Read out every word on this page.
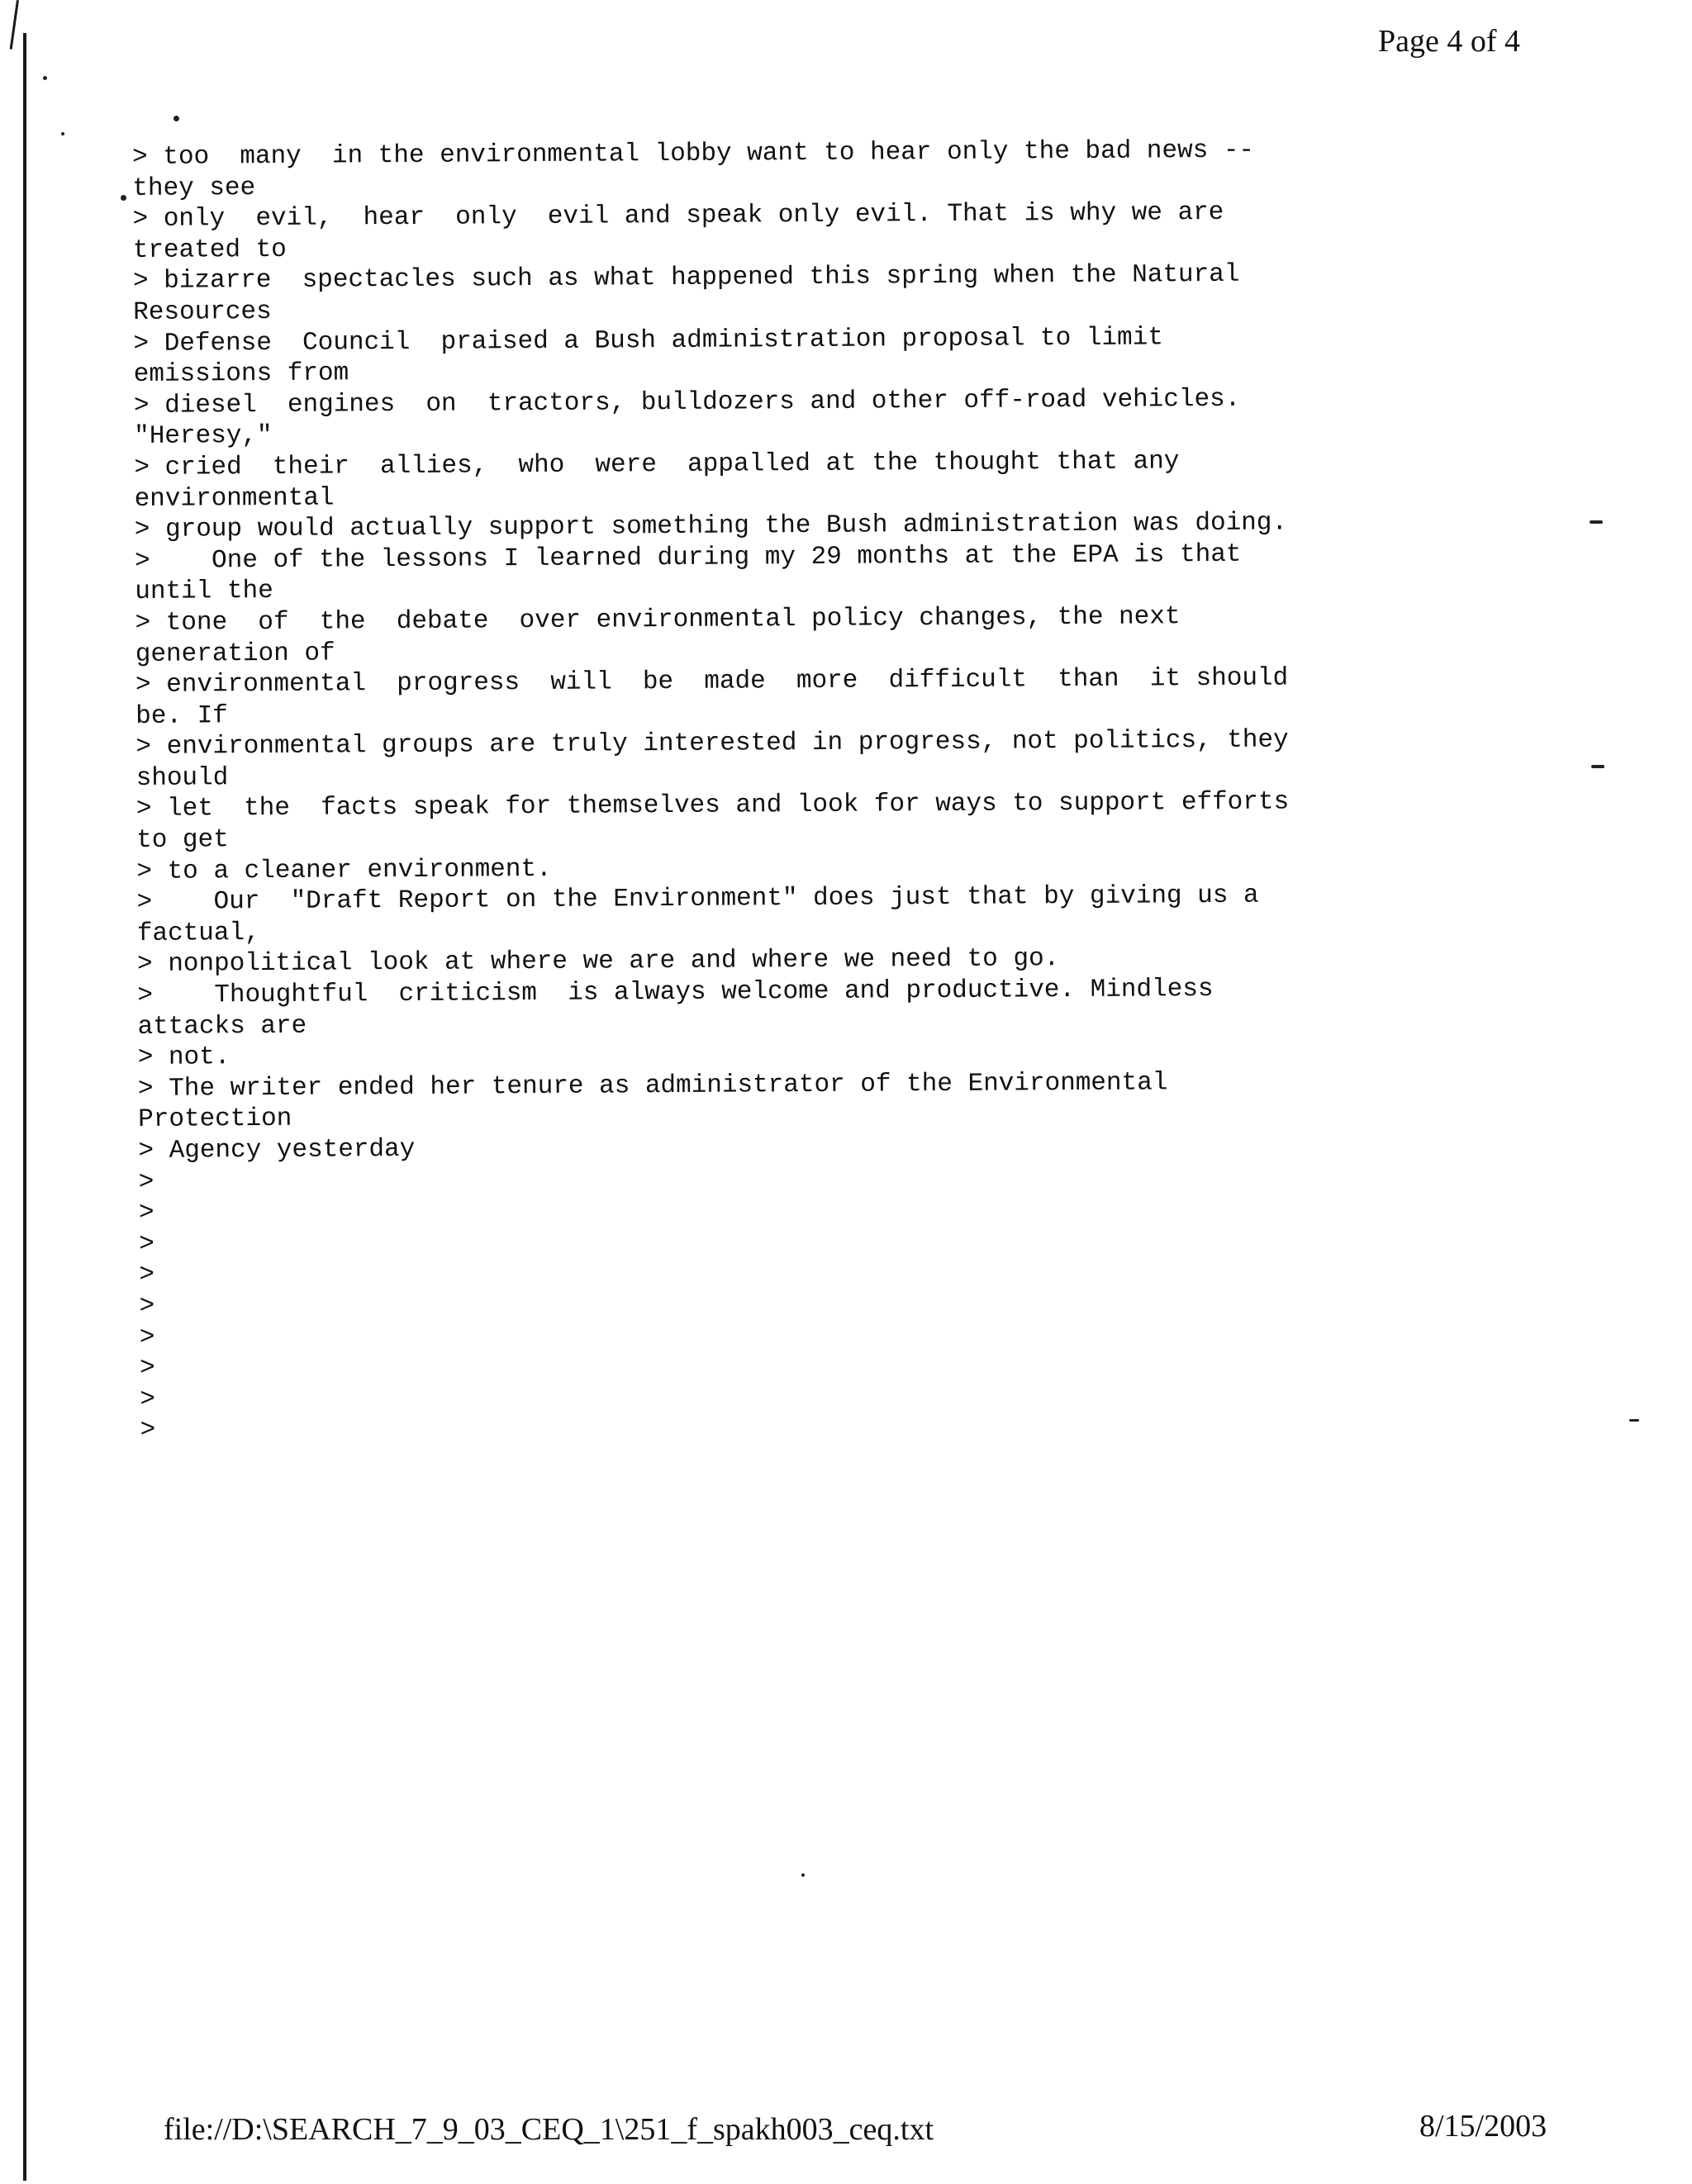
Page 4 of 4
> too  many  in the environmental lobby want to hear only the bad news --
they see
> only  evil,  hear  only  evil and speak only evil. That is why we are
treated to
> bizarre  spectacles such as what happened this spring when the Natural
Resources
> Defense  Council  praised a Bush administration proposal to limit
emissions from
> diesel  engines  on  tractors, bulldozers and other off-road vehicles.
"Heresy,"
> cried  their  allies,  who  were  appalled at the thought that any
environmental
> group would actually support something the Bush administration was doing.
>    One of the lessons I learned during my 29 months at the EPA is that
until the
> tone  of  the  debate  over environmental policy changes, the next
generation of
> environmental  progress  will  be  made  more  difficult  than  it should
be. If
> environmental groups are truly interested in progress, not politics, they
should
> let  the  facts speak for themselves and look for ways to support efforts
to get
> to a cleaner environment.
>    Our  "Draft Report on the Environment" does just that by giving us a
factual,
> nonpolitical look at where we are and where we need to go.
>    Thoughtful  criticism  is always welcome and productive. Mindless
attacks are
> not.
> The writer ended her tenure as administrator of the Environmental
Protection
> Agency yesterday
>
>
>
>
>
>
>
>
>
file://D:\SEARCH_7_9_03_CEQ_1\251_f_spakh003_ceq.txt	8/15/2003
